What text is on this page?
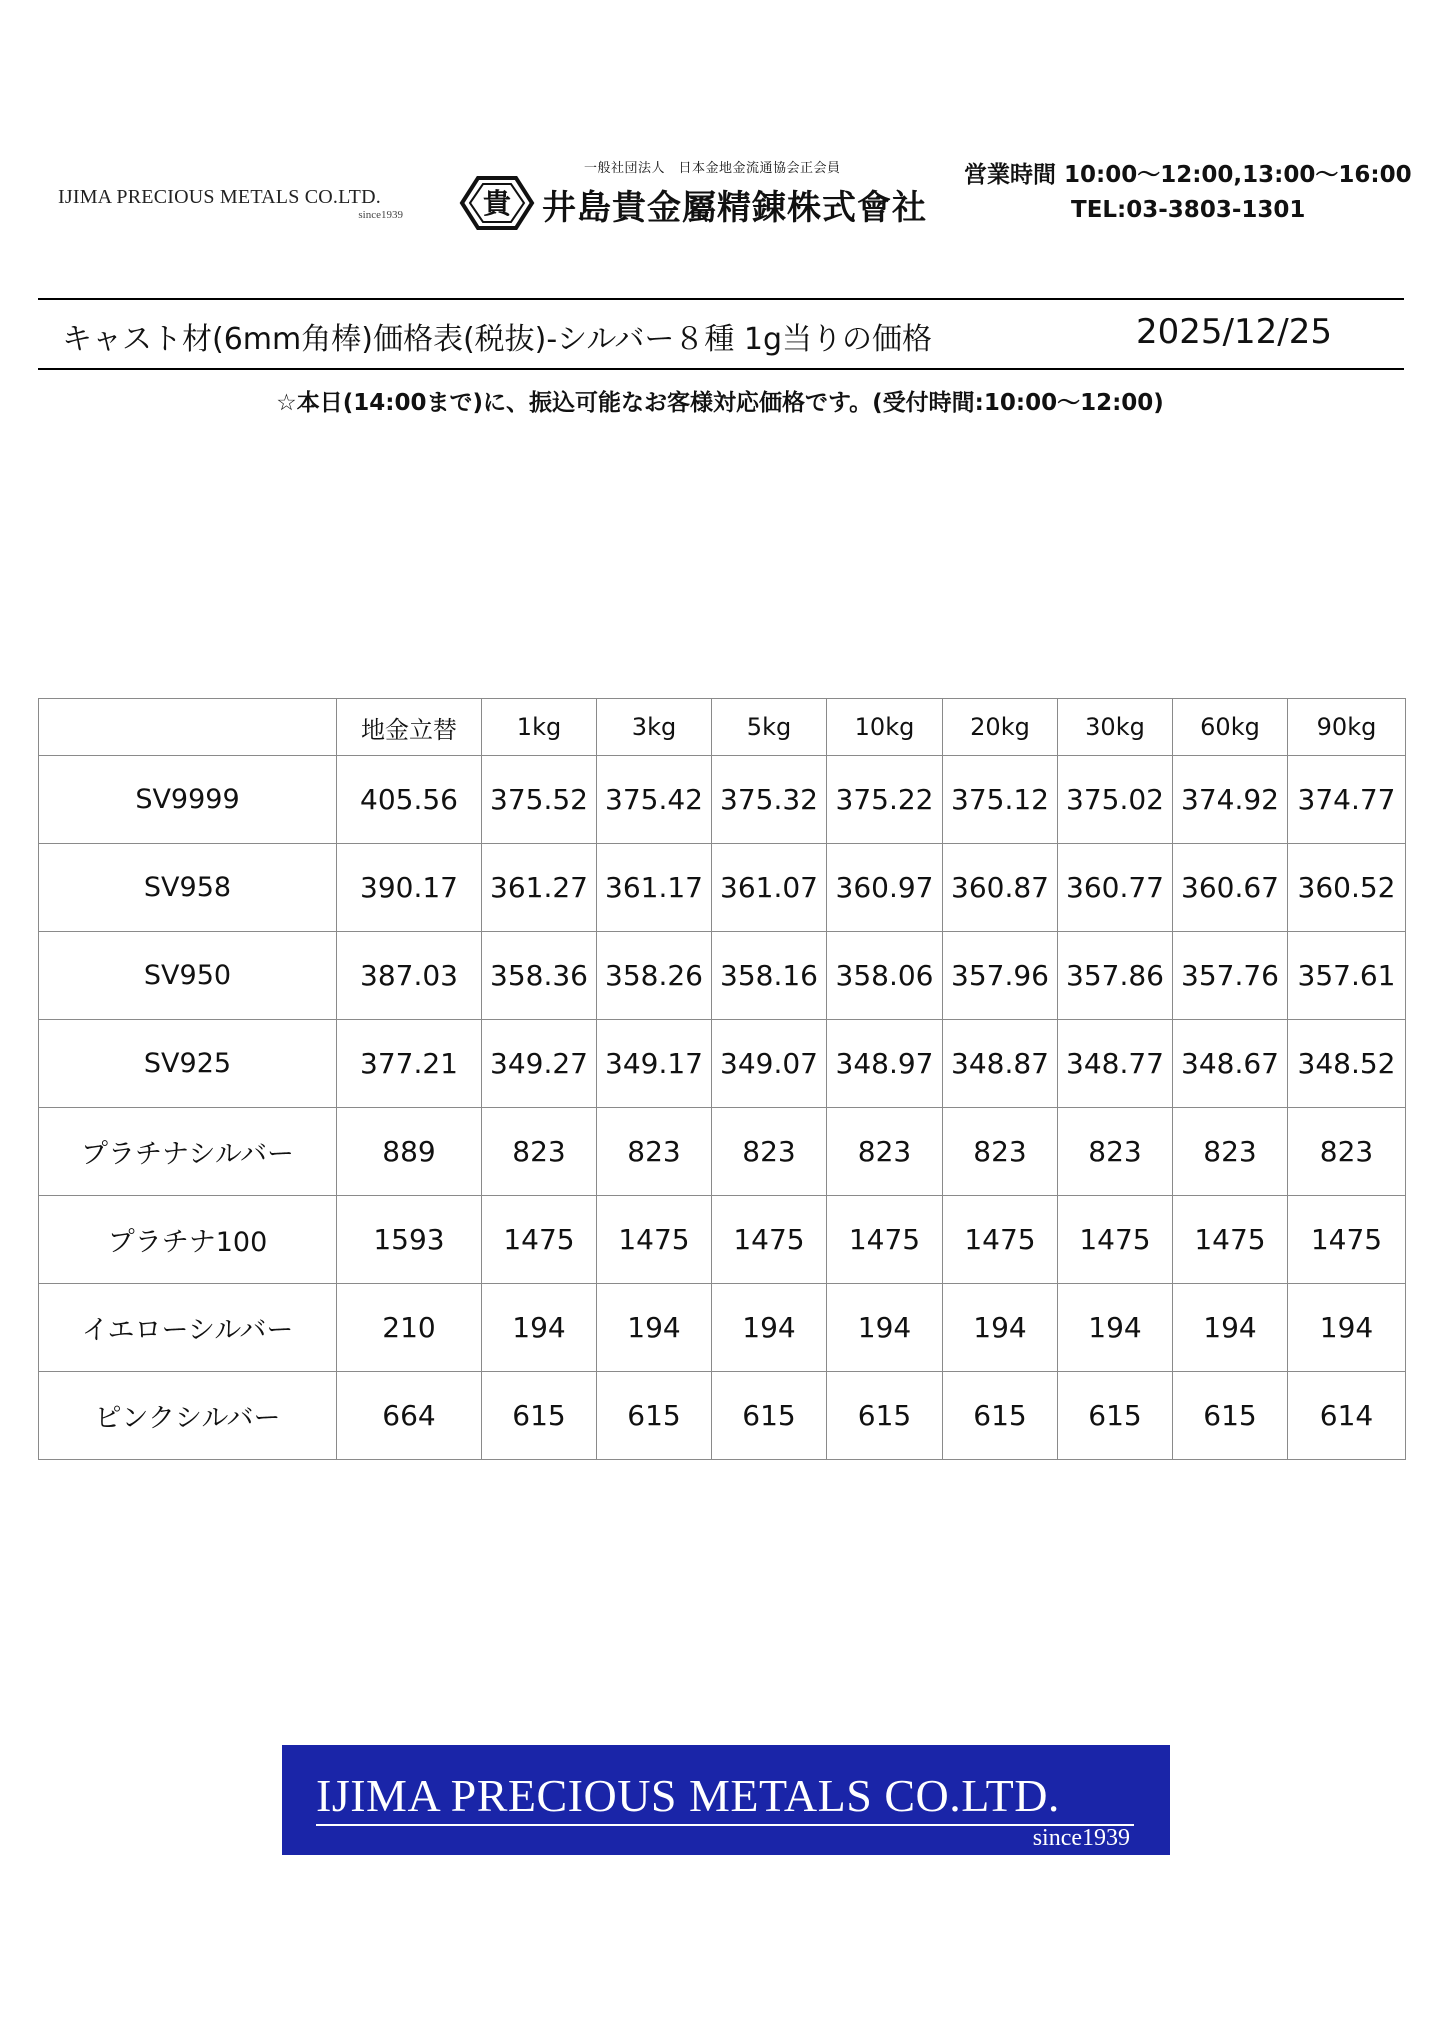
IJIMA PRECIOUS METALS CO.LTD.
since1939
一般社団法人　日本金地金流通協会正会員
貴 井島貴金屬精錬株式會社
営業時間 10:00～12:00,13:00～16:00
TEL:03-3803-1301
キャスト材(6mm角棒)価格表(税抜)-シルバー８種 1g当りの価格	2025/12/25
☆本日(14:00まで)に、振込可能なお客様対応価格です。(受付時間:10:00～12:00)
	地金立替	1kg	3kg	5kg	10kg	20kg	30kg	60kg	90kg
SV9999	405.56	375.52	375.42	375.32	375.22	375.12	375.02	374.92	374.77
SV958	390.17	361.27	361.17	361.07	360.97	360.87	360.77	360.67	360.52
SV950	387.03	358.36	358.26	358.16	358.06	357.96	357.86	357.76	357.61
SV925	377.21	349.27	349.17	349.07	348.97	348.87	348.77	348.67	348.52
プラチナシルバー	889	823	823	823	823	823	823	823	823
プラチナ100	1593	1475	1475	1475	1475	1475	1475	1475	1475
イエローシルバー	210	194	194	194	194	194	194	194	194
ピンクシルバー	664	615	615	615	615	615	615	615	614
IJIMA PRECIOUS METALS CO.LTD.
since1939
